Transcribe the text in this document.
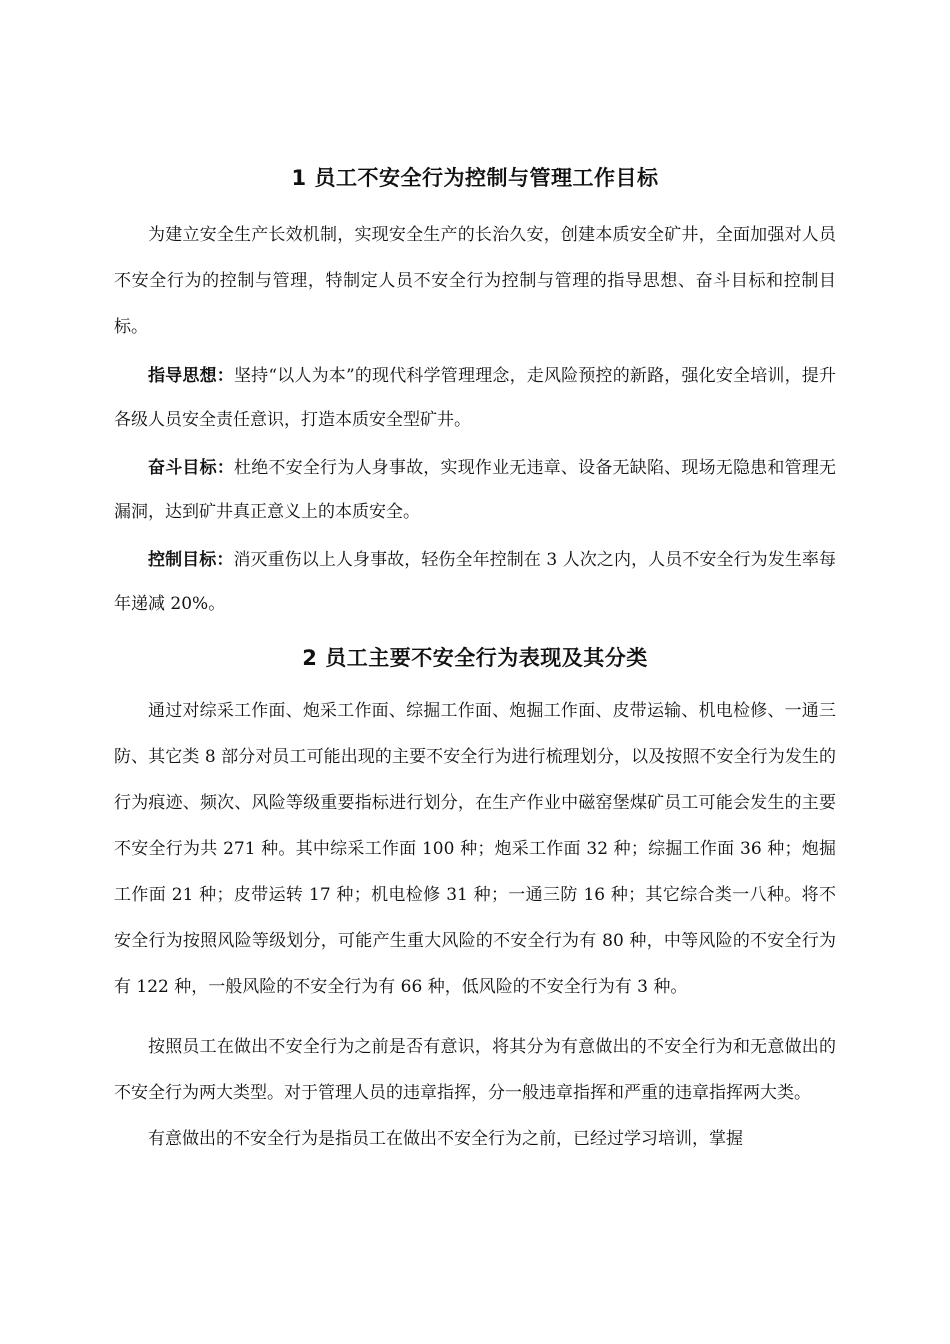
1 员工不安全行为控制与管理工作目标

为建立安全生产长效机制，实现安全生产的长治久安，创建本质安全矿井，全面加强对人员不安全行为的控制与管理，特制定人员不安全行为控制与管理的指导思想、奋斗目标和控制目标。

指导思想：坚持“以人为本”的现代科学管理理念，走风险预控的新路，强化安全培训，提升各级人员安全责任意识，打造本质安全型矿井。

奋斗目标：杜绝不安全行为人身事故，实现作业无违章、设备无缺陷、现场无隐患和管理无漏洞，达到矿井真正意义上的本质安全。

控制目标：消灭重伤以上人身事故，轻伤全年控制在 3 人次之内，人员不安全行为发生率每年递减 20%。

2 员工主要不安全行为表现及其分类

通过对综采工作面、炮采工作面、综掘工作面、炮掘工作面、皮带运输、机电检修、一通三防、其它类 8 部分对员工可能出现的主要不安全行为进行梳理划分，以及按照不安全行为发生的行为痕迹、频次、风险等级重要指标进行划分，在生产作业中磁窑堡煤矿员工可能会发生的主要不安全行为共 271 种。其中综采工作面 100 种；炮采工作面 32 种；综掘工作面 36 种；炮掘工作面 21 种；皮带运转 17 种；机电检修 31 种；一通三防 16 种；其它综合类一八种。将不安全行为按照风险等级划分，可能产生重大风险的不安全行为有 80 种，中等风险的不安全行为有 122 种，一般风险的不安全行为有 66 种，低风险的不安全行为有 3 种。

按照员工在做出不安全行为之前是否有意识，将其分为有意做出的不安全行为和无意做出的不安全行为两大类型。对于管理人员的违章指挥，分一般违章指挥和严重的违章指挥两大类。

有意做出的不安全行为是指员工在做出不安全行为之前，已经过学习培训，掌握
